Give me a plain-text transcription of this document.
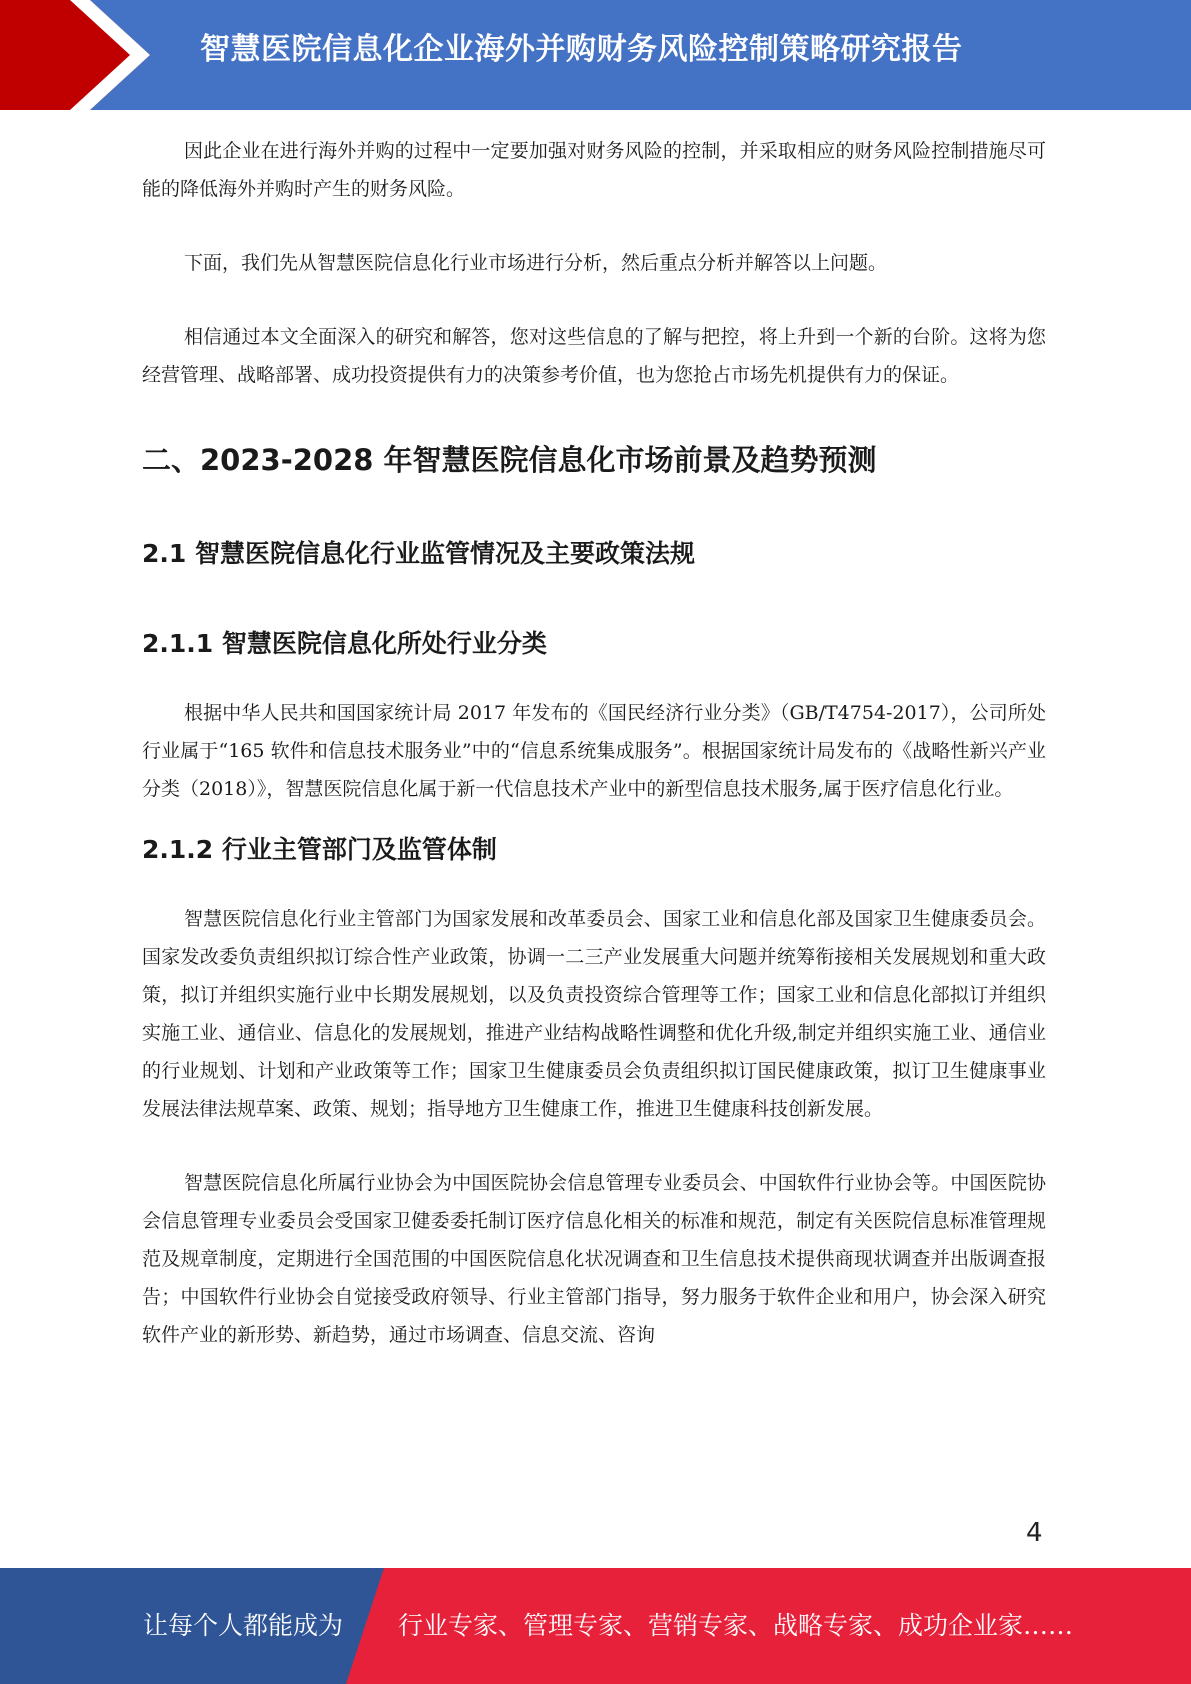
智慧医院信息化企业海外并购财务风险控制策略研究报告

因此企业在进行海外并购的过程中一定要加强对财务风险的控制，并采取相应的财务风险控制措施尽可能的降低海外并购时产生的财务风险。

下面，我们先从智慧医院信息化行业市场进行分析，然后重点分析并解答以上问题。

相信通过本文全面深入的研究和解答，您对这些信息的了解与把控，将上升到一个新的台阶。这将为您经营管理、战略部署、成功投资提供有力的决策参考价值，也为您抢占市场先机提供有力的保证。

二、2023-2028 年智慧医院信息化市场前景及趋势预测
2.1 智慧医院信息化行业监管情况及主要政策法规
2.1.1 智慧医院信息化所处行业分类

根据中华人民共和国国家统计局 2017 年发布的《国民经济行业分类》（GB/T4754-2017），公司所处行业属于“165 软件和信息技术服务业”中的“信息系统集成服务”。根据国家统计局发布的《战略性新兴产业分类（2018）》，智慧医院信息化属于新一代信息技术产业中的新型信息技术服务,属于医疗信息化行业。

2.1.2 行业主管部门及监管体制

智慧医院信息化行业主管部门为国家发展和改革委员会、国家工业和信息化部及国家卫生健康委员会。国家发改委负责组织拟订综合性产业政策，协调一二三产业发展重大问题并统筹衔接相关发展规划和重大政策，拟订并组织实施行业中长期发展规划，以及负责投资综合管理等工作；国家工业和信息化部拟订并组织实施工业、通信业、信息化的发展规划，推进产业结构战略性调整和优化升级,制定并组织实施工业、通信业的行业规划、计划和产业政策等工作；国家卫生健康委员会负责组织拟订国民健康政策，拟订卫生健康事业发展法律法规草案、政策、规划；指导地方卫生健康工作，推进卫生健康科技创新发展。

智慧医院信息化所属行业协会为中国医院协会信息管理专业委员会、中国软件行业协会等。中国医院协会信息管理专业委员会受国家卫健委委托制订医疗信息化相关的标准和规范，制定有关医院信息标准管理规范及规章制度，定期进行全国范围的中国医院信息化状况调查和卫生信息技术提供商现状调查并出版调查报告；中国软件行业协会自觉接受政府领导、行业主管部门指导，努力服务于软件企业和用户，协会深入研究软件产业的新形势、新趋势，通过市场调查、信息交流、咨询

4
让每个人都能成为 行业专家、管理专家、营销专家、战略专家、成功企业家……
